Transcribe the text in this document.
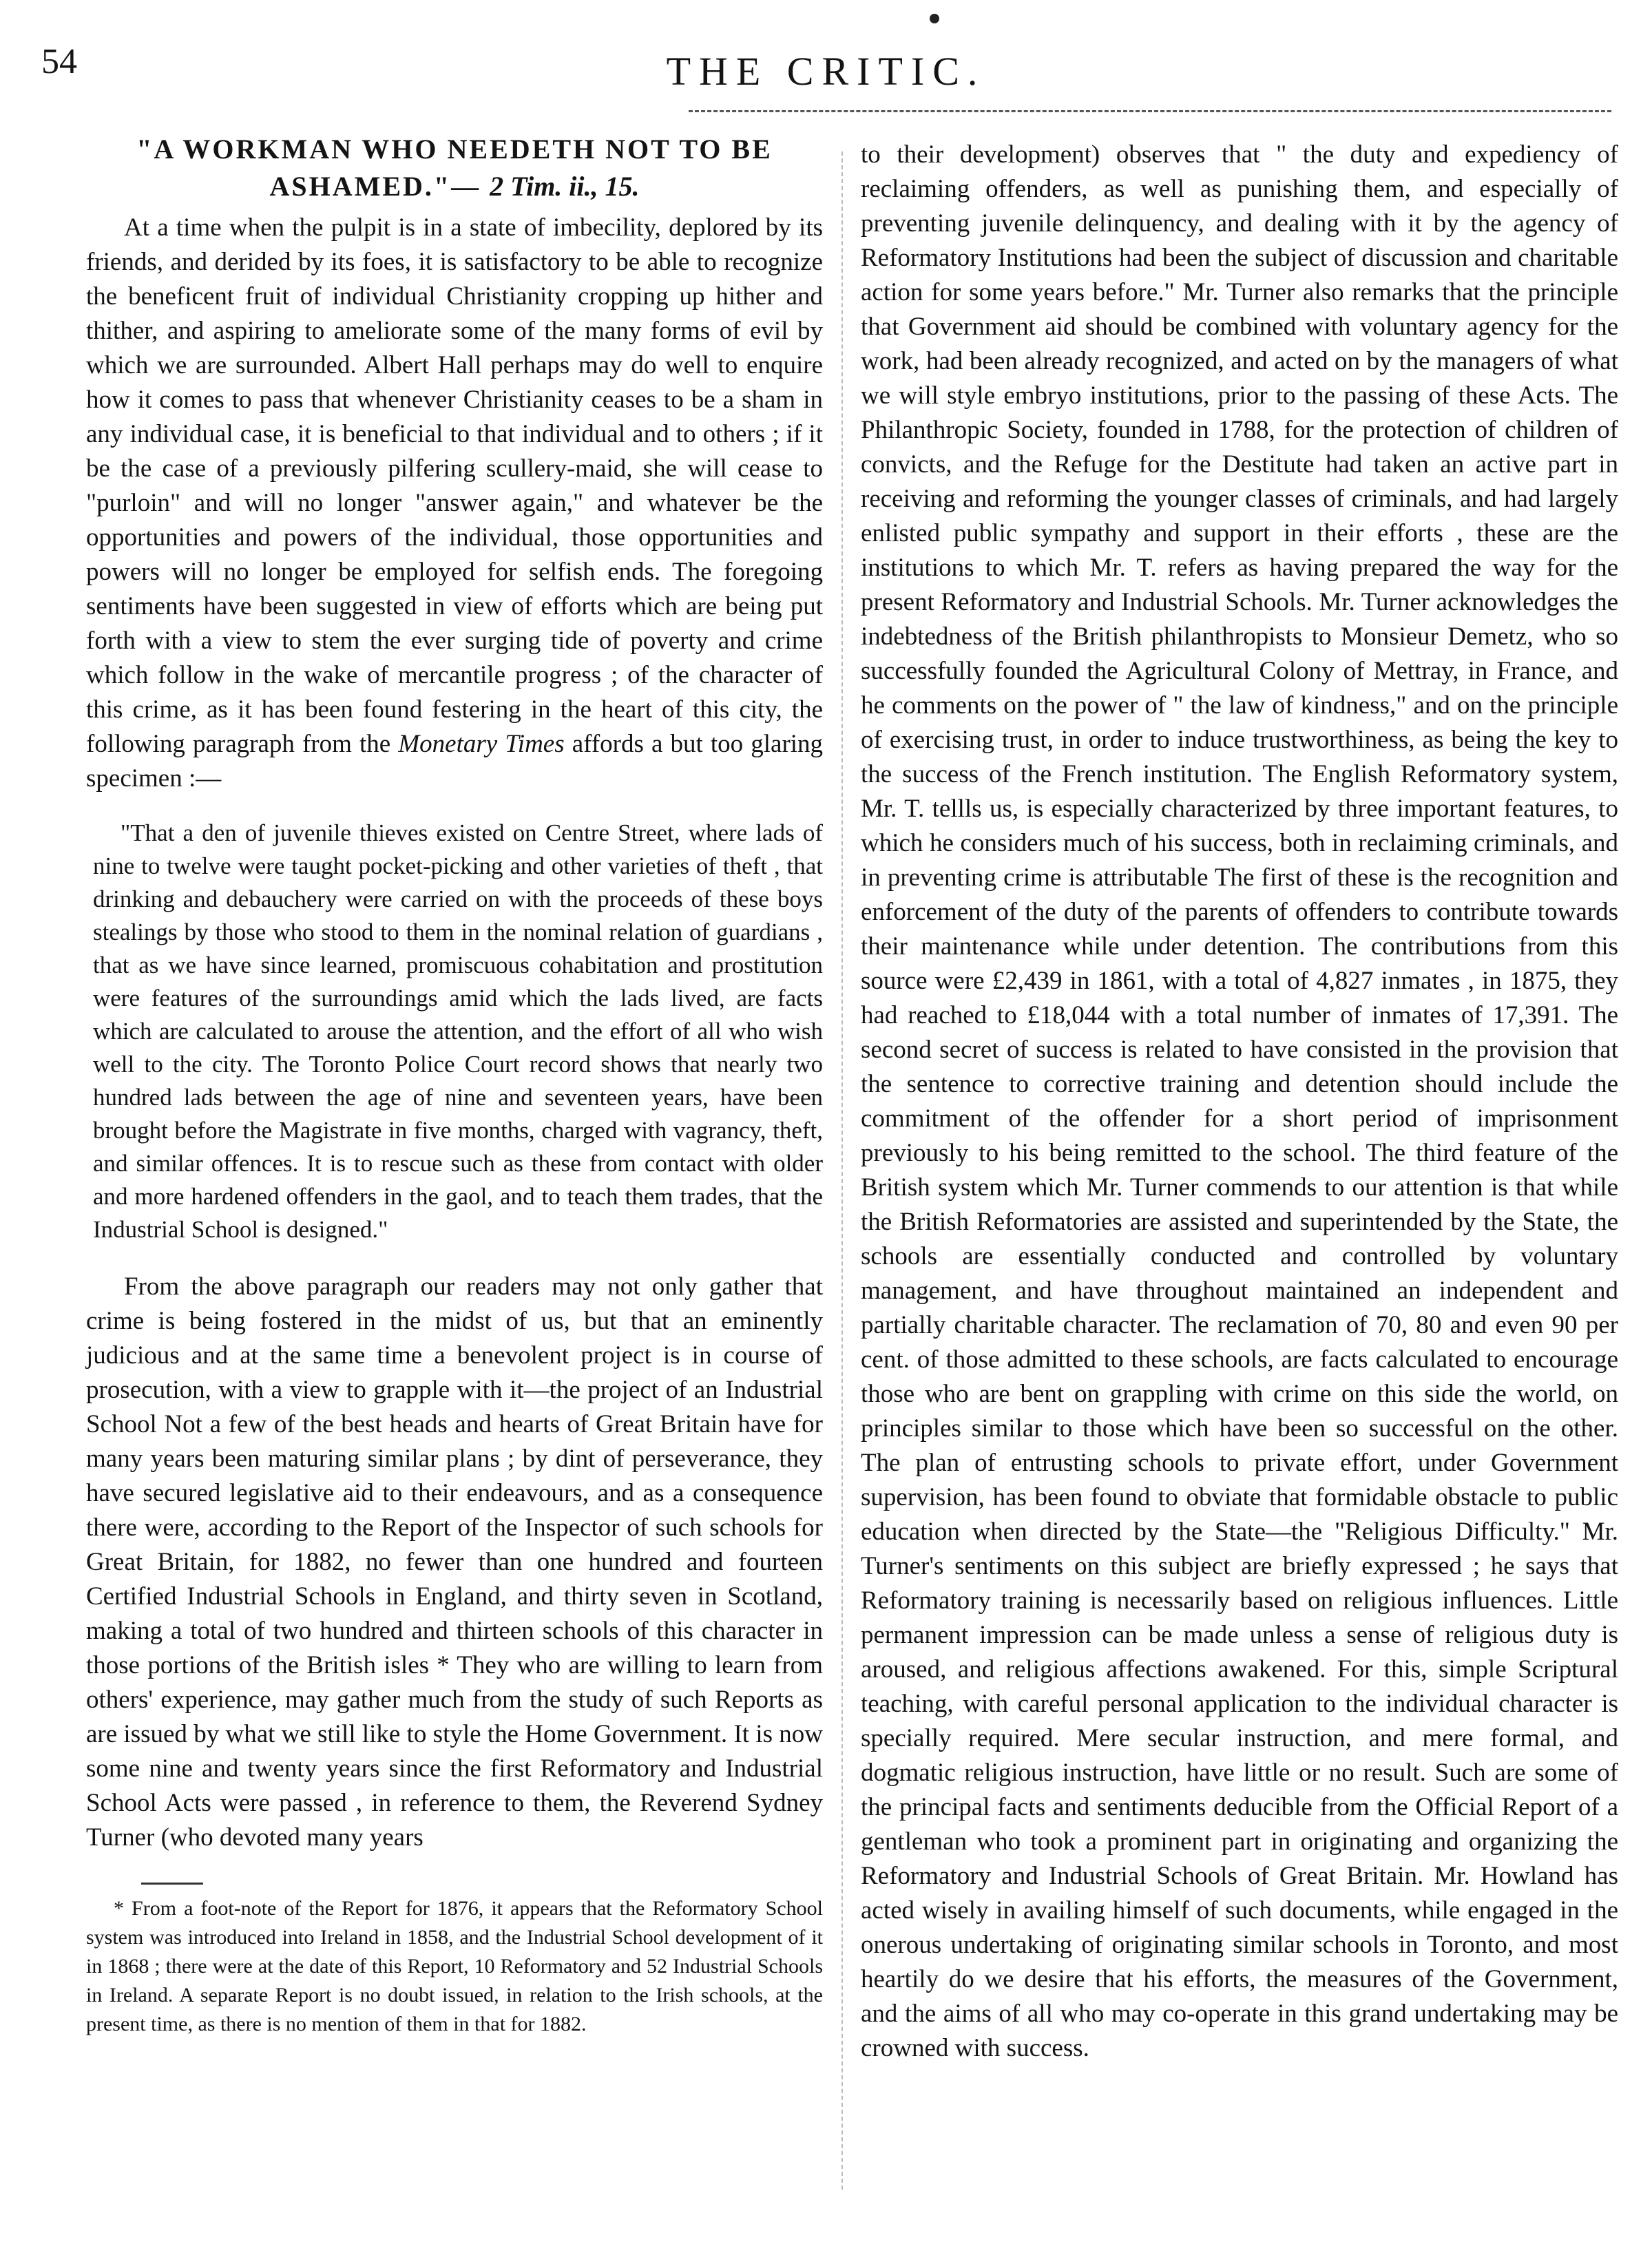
54	THE CRITIC.
"A WORKMAN WHO NEEDETH NOT TO BE
ASHAMED."— 2 Tim. ii., 15.

At a time when the pulpit is in a state of imbecility, deplored by its friends, and derided by its foes, it is satisfactory to be able to recognize the beneficent fruit of individual Christianity cropping up hither and thither, and aspiring to ameliorate some of the many forms of evil by which we are surrounded. Albert Hall perhaps may do well to enquire how it comes to pass that whenever Christianity ceases to be a sham in any individual case, it is beneficial to that individual and to others ; if it be the case of a previously pilfering scullery-maid, she will cease to "purloin" and will no longer "answer again," and whatever be the opportunities and powers of the individual, those opportunities and powers will no longer be employed for selfish ends. The foregoing sentiments have been suggested in view of efforts which are being put forth with a view to stem the ever surging tide of poverty and crime which follow in the wake of mercantile progress ; of the character of this crime, as it has been found festering in the heart of this city, the following paragraph from the Monetary Times affords a but too glaring specimen :—

"That a den of juvenile thieves existed on Centre Street, where lads of nine to twelve were taught pocket-picking and other varieties of theft , that drinking and debauchery were carried on with the proceeds of these boys stealings by those who stood to them in the nominal relation of guardians , that as we have since learned, promiscuous cohabitation and prostitution were features of the surroundings amid which the lads lived, are facts which are calculated to arouse the attention, and the effort of all who wish well to the city. The Toronto Police Court record shows that nearly two hundred lads between the age of nine and seventeen years, have been brought before the Magistrate in five months, charged with vagrancy, theft, and similar offences. It is to rescue such as these from contact with older and more hardened offenders in the gaol, and to teach them trades, that the Industrial School is designed."

From the above paragraph our readers may not only gather that crime is being fostered in the midst of us, but that an eminently judicious and at the same time a benevolent project is in course of prosecution, with a view to grapple with it—the project of an Industrial School Not a few of the best heads and hearts of Great Britain have for many years been maturing similar plans ; by dint of perseverance, they have secured legislative aid to their endeavours, and as a consequence there were, according to the Report of the Inspector of such schools for Great Britain, for 1882, no fewer than one hundred and fourteen Certified Industrial Schools in England, and thirty seven in Scotland, making a total of two hundred and thirteen schools of this character in those portions of the British isles * They who are willing to learn from others' experience, may gather much from the study of such Reports as are issued by what we still like to style the Home Government. It is now some nine and twenty years since the first Reformatory and Industrial School Acts were passed , in reference to them, the Reverend Sydney Turner (who devoted many years

* From a foot-note of the Report for 1876, it appears that the Reformatory School system was introduced into Ireland in 1858, and the Industrial School development of it in 1868 ; there were at the date of this Report, 10 Reformatory and 52 Industrial Schools in Ireland. A separate Report is no doubt issued, in relation to the Irish schools, at the present time, as there is no mention of them in that for 1882.

to their development) observes that " the duty and expediency of reclaiming offenders, as well as punishing them, and especially of preventing juvenile delinquency, and dealing with it by the agency of Reformatory Institutions had been the subject of discussion and charitable action for some years before." Mr. Turner also remarks that the principle that Government aid should be combined with voluntary agency for the work, had been already recognized, and acted on by the managers of what we will style embryo institutions, prior to the passing of these Acts. The Philanthropic Society, founded in 1788, for the protection of children of convicts, and the Refuge for the Destitute had taken an active part in receiving and reforming the younger classes of criminals, and had largely enlisted public sympathy and support in their efforts , these are the institutions to which Mr. T. refers as having prepared the way for the present Reformatory and Industrial Schools. Mr. Turner acknowledges the indebtedness of the British philanthropists to Monsieur Demetz, who so successfully founded the Agricultural Colony of Mettray, in France, and he comments on the power of " the law of kindness," and on the principle of exercising trust, in order to induce trustworthiness, as being the key to the success of the French institution. The English Reformatory system, Mr. T. tellls us, is especially characterized by three important features, to which he considers much of his success, both in reclaiming criminals, and in preventing crime is attributable The first of these is the recognition and enforcement of the duty of the parents of offenders to contribute towards their maintenance while under detention. The contributions from this source were £2,439 in 1861, with a total of 4,827 inmates , in 1875, they had reached to £18,044 with a total number of inmates of 17,391. The second secret of success is related to have consisted in the provision that the sentence to corrective training and detention should include the commitment of the offender for a short period of imprisonment previously to his being remitted to the school. The third feature of the British system which Mr. Turner commends to our attention is that while the British Reformatories are assisted and superintended by the State, the schools are essentially conducted and controlled by voluntary management, and have throughout maintained an independent and partially charitable character. The reclamation of 70, 80 and even 90 per cent. of those admitted to these schools, are facts calculated to encourage those who are bent on grappling with crime on this side the world, on principles similar to those which have been so successful on the other. The plan of entrusting schools to private effort, under Government supervision, has been found to obviate that formidable obstacle to public education when directed by the State—the "Religious Difficulty." Mr. Turner's sentiments on this subject are briefly expressed ; he says that Reformatory training is necessarily based on religious influences. Little permanent impression can be made unless a sense of religious duty is aroused, and religious affections awakened. For this, simple Scriptural teaching, with careful personal application to the individual character is specially required. Mere secular instruction, and mere formal, and dogmatic religious instruction, have little or no result. Such are some of the principal facts and sentiments deducible from the Official Report of a gentleman who took a prominent part in originating and organizing the Reformatory and Industrial Schools of Great Britain. Mr. Howland has acted wisely in availing himself of such documents, while engaged in the onerous undertaking of originating similar schools in Toronto, and most heartily do we desire that his efforts, the measures of the Government, and the aims of all who may co-operate in this grand undertaking may be crowned with success.
